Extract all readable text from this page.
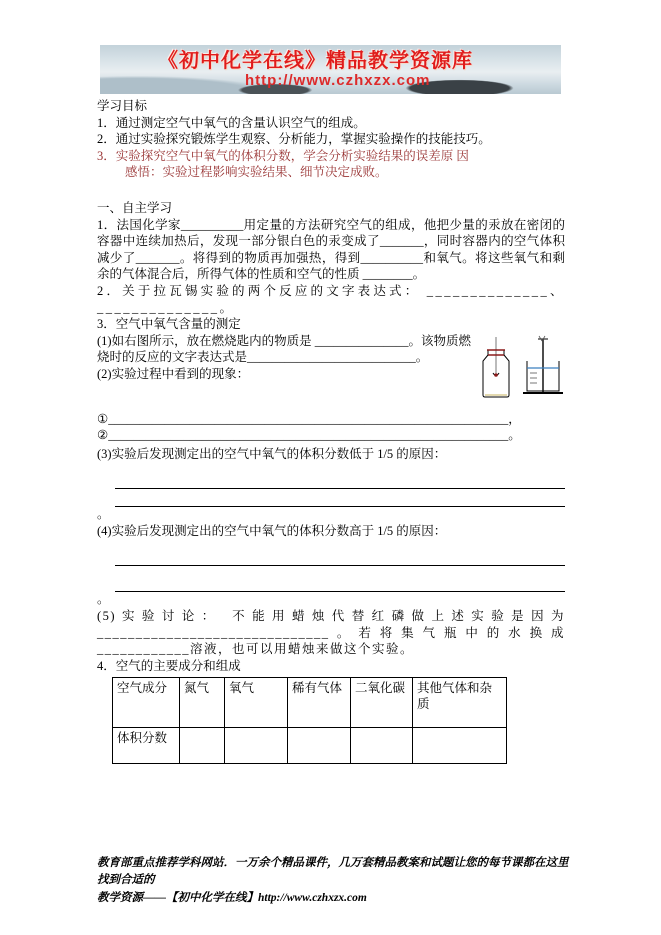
《初中化学在线》精品教学资源库
http://www.czhxzx.com

学习目标

1．通过测定空气中氧气的含量认识空气的组成。

2．通过实验探究锻炼学生观察、分析能力，掌握实验操作的技能技巧。

3．实验探究空气中氧气的体积分数，学会分析实验结果的误差原 因

感悟：实验过程影响实验结果、细节决定成败。

一、自主学习

1．法国化学家__________用定量的方法研究空气的组成，他把少量的汞放在密闭的容器中连续加热后，发现一部分银白色的汞变成了_______，同时容器内的空气体积减少了_______。将得到的物质再加强热，得到__________和氧气。将这些氧气和剩余的气体混合后，所得气体的性质和空气的性质 ________。

2．关于拉瓦锡实验的两个反应的文字表达式： ______________、______________。

3．空气中氧气含量的测定

(1)如右图所示，放在燃烧匙内的物质是 _______________。该物质燃烧时的反应的文字表达式是___________________________。

(2)实验过程中看到的现象：

①________________________________________________________________，

②________________________________________________________________。

(3)实验后发现测定出的空气中氧气的体积分数低于 1/5 的原因：

。

(4)实验后发现测定出的空气中氧气的体积分数高于 1/5 的原因：

。

(5)实验讨论： 不能用蜡烛代替红磷做上述实验是因为______________________________。若将集气瓶中的水换成____________溶液，也可以用蜡烛来做这个实验。

4．空气的主要成分和组成

空气成分	氮气	氧气	稀有气体	二氧化碳	其他气体和杂质
体积分数					
教育部重点推荐学科网站．一万余个精品课件，几万套精品教案和试题让您的每节课都在这里找到合适的
教学资源——【初中化学在线】http://www.czhxzx.com
